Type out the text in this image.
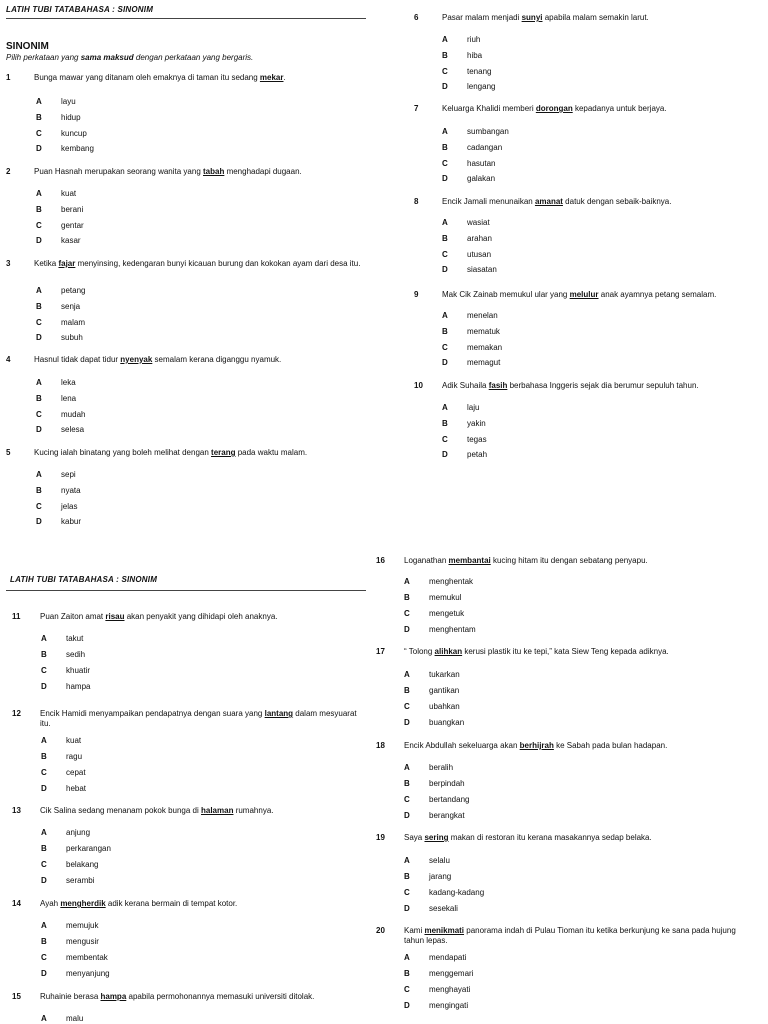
LATIH TUBI TATABAHASA : SINONIM
SINONIM
Pilih perkataan yang sama maksud dengan perkataan yang bergaris.
LATIH TUBI TATABAHASA : SINONIM
1	Bunga mawar yang ditanam oleh emaknya di taman itu sedang mekar.
A layu
B hidup
C kuncup
D kembang
2	Puan Hasnah merupakan seorang wanita yang tabah menghadapi dugaan.
A kuat
B berani
C gentar
D kasar
3	Ketika fajar menyinsing, kedengaran bunyi kicauan burung dan kokokan ayam dari desa itu.
A petang
B senja
C malam
D subuh
4	Hasnul tidak dapat tidur nyenyak semalam kerana diganggu nyamuk.
A leka
B lena
C mudah
D selesa
5	Kucing ialah binatang yang boleh melihat dengan terang pada waktu malam.
A sepi
B nyata
C jelas
D kabur
6	Pasar malam menjadi sunyi apabila malam semakin larut.
A riuh
B hiba
C tenang
D lengang
7	Keluarga Khalidi memberi dorongan kepadanya untuk berjaya.
A sumbangan
B cadangan
C hasutan
D galakan
8	Encik Jamali menunaikan amanat datuk dengan sebaik-baiknya.
A wasiat
B arahan
C utusan
D siasatan
9	Mak Cik Zainab memukul ular yang melulur anak ayamnya petang semalam.
A menelan
B mematuk
C memakan
D memagut
10 Adik Suhaila fasih berbahasa Inggeris sejak dia berumur sepuluh tahun.
A laju
B yakin
C tegas
D petah
11 Puan Zaiton amat risau akan penyakit yang dihidapi oleh anaknya.
A takut
B sedih
C khuatir
D hampa
12 Encik Hamidi menyampaikan pendapatnya dengan suara yang lantang dalam mesyuarat itu.
A kuat
B ragu
C cepat
D hebat
13 Cik Salina sedang menanam pokok bunga di halaman rumahnya.
A anjung
B perkarangan
C belakang
D serambi
14 Ayah mengherdik adik kerana bermain di tempat kotor.
A memujuk
B mengusir
C membentak
D menyanjung
15 Ruhainie berasa hampa apabila permohonannya memasuki universiti ditolak.
A malu
16 Loganathan membantai kucing hitam itu dengan sebatang penyapu.
A menghentak
B memukul
C mengetuk
D menghentam
17 “ Tolong alihkan kerusi plastik itu ke tepi,” kata Siew Teng kepada adiknya.
A tukarkan
B gantikan
C ubahkan
D buangkan
18 Encik Abdullah sekeluarga akan berhijrah ke Sabah pada bulan hadapan.
A beralih
B berpindah
C bertandang
D berangkat
19 Saya sering makan di restoran itu kerana masakannya sedap belaka.
A selalu
B jarang
C kadang-kadang
D sesekali
20 Kami menikmati panorama indah di Pulau Tioman itu ketika berkunjung ke sana pada hujung tahun lepas.
A mendapati
B menggemari
C menghayati
D mengingati
